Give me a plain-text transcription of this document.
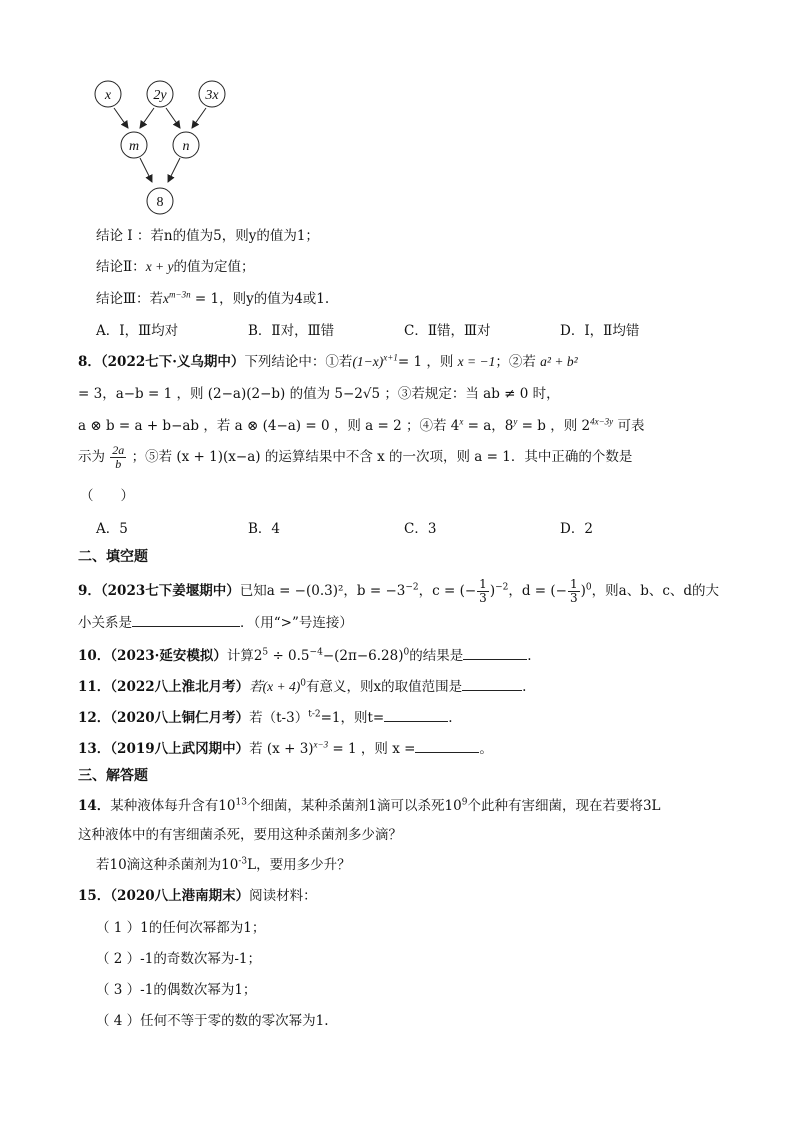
x	2y	3x
m	n
8
结论 Ⅰ ：若n的值为5，则y的值为1；
结论Ⅱ：x + y的值为定值；
结论Ⅲ：若$x^{m-3n} = 1$，则y的值为4或1.
A．Ⅰ，Ⅲ均对	B．Ⅱ对，Ⅲ错	C．Ⅱ错，Ⅲ对	D．Ⅰ，Ⅱ均错
8．（2022七下·义乌期中）下列结论中：①若$(1-x)^{x+1}= 1$ ，则 x = −1；②若 a² + b²
= 3，a−b = 1 ，则 (2−a)(2−b) 的值为 5−2√5 ；③若规定：当 ab ≠ 0 时，
a ⊗ b = a + b−ab ，若 a ⊗ (4−a) = 0 ，则 a = 2 ；④若 $4^x = a$，$8^y = b$ ，则 $2^{4x-3y}$ 可表
示为 $\frac{2a}{b}$ ；⑤若 (x + 1)(x−a) 的运算结果中不含 x 的一次项，则 a = 1．其中正确的个数是
（　　）
A．5	B．4	C．3	D．2
二、填空题
9．（2023七下姜堰期中）已知a = −(0.3)²，$b = -3^{-2}$，c = (− $\frac{1}{3} )^{-2}$，d = (− $\frac{1}{3} )^0$，则a、b、c、d的大
小关系是	．（用“>”号连接）
10．（2023·延安模拟）计算$2^5 \div 0.5^{-4}-(2\pi-6.28)^0$的结果是	.
11．（2022八上淮北月考）若$(x + 4)^0$有意义，则x的取值范围是	.
12．（2020八上铜仁月考）若$(t-3)^{t-2}=1$，则t=	.
13．（2019八上武冈期中）若 $(x + 3)^{x-3} = 1$ ，则 x =	。
三、解答题
14．某种液体每升含有$10^{13}$个细菌，某种杀菌剂1滴可以杀死$10^9$个此种有害细菌，现在若要将3L
这种液体中的有害细菌杀死，要用这种杀菌剂多少滴？
若10滴这种杀菌剂为$10^{-3}L$，要用多少升？
15．（2020八上港南期末）阅读材料：
（ 1 ）1的任何次幂都为1；
（ 2 ）-1的奇数次幂为-1；
（ 3 ）-1的偶数次幂为1；
（ 4 ）任何不等于零的数的零次幂为1.
